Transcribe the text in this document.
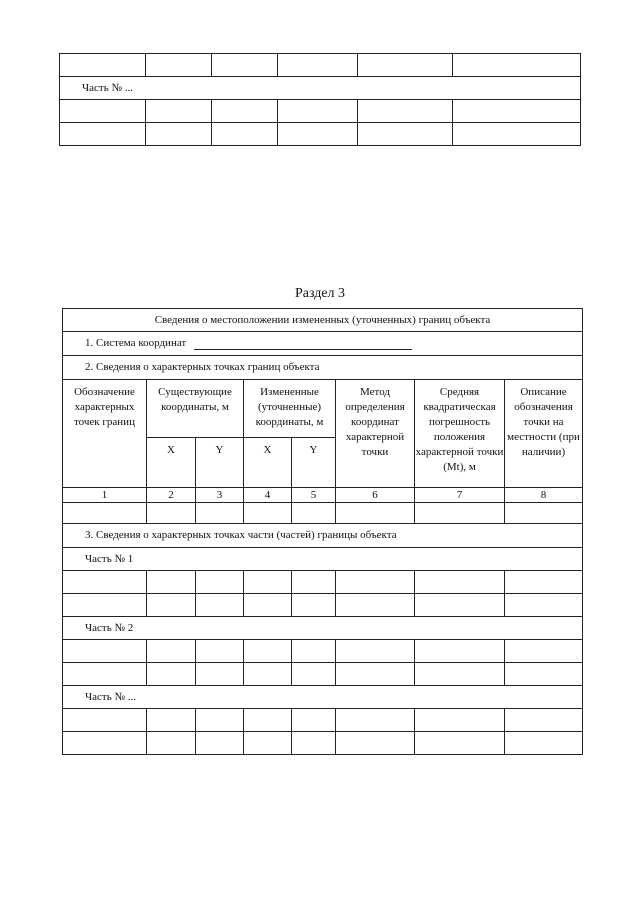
Часть № ...					

Раздел 3
Сведения о местоположении измененных (уточненных) границ объекта							
1. Система координат							
2. Сведения о характерных точках границ объекта							
Обозначение характерных точек границ	Существующие координаты, м		Измененные (уточненные) координаты, м		Метод определения координат характерной точки	Средняя квадратическая погрешность положения характерной точки (Mt), м	Описание обозначения точки на местности (при наличии)
	X	Y	X	Y			
1	2	3	4	5	6	7	8

3. Сведения о характерных точках части (частей) границы объекта							
Часть № 1							

Часть № 2							

Часть № ...							
